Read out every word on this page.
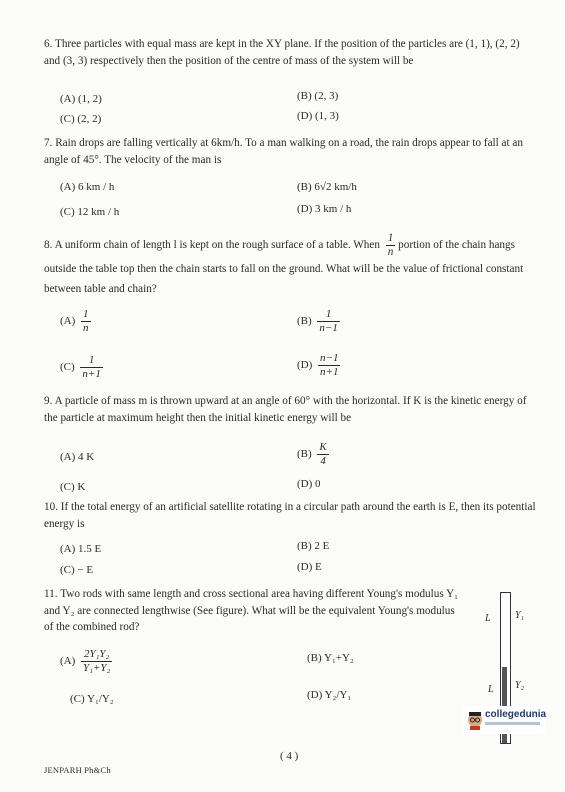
6. Three particles with equal mass are kept in the XY plane. If the position of the particles are (1, 1), (2, 2) and (3, 3) respectively then the position of the centre of mass of the system will be
(A) (1, 2)	(B) (2, 3)
(C) (2, 2)	(D) (1, 3)
7. Rain drops are falling vertically at 6km/h. To a man walking on a road, the rain drops appear to fall at an angle of 45°. The velocity of the man is
(A) 6 km / h	(B) 6√2 km/h
(C) 12 km / h	(D) 3 km / h
8. A uniform chain of length l is kept on the rough surface of a table. When $\frac{1}{n}$ portion of the chain hangs outside the table top then the chain starts to fall on the ground. What will be the value of frictional constant between table and chain?
$(A) \frac{1}{n}$	$(B) \frac{1}{n-1}$
$(C) \frac{1}{n+1}$	$(D) \frac{n-1}{n+1}$
9. A particle of mass m is thrown upward at an angle of 60° with the horizontal. If K is the kinetic energy of the particle at maximum height then the initial kinetic energy will be
(A) 4 K	$(B) \frac{K}{4}$
(C) K	(D) 0
10. If the total energy of an artificial satellite rotating in a circular path around the earth is E, then its potential energy is
(A) 1.5 E	(B) 2 E
(C) − E	(D) E
11. Two rods with same length and cross sectional area having different Young's modulus Y₁ and Y₂ are connected lengthwise (See figure). What will be the equivalent Young's modulus of the combined rod?
$(A) \frac{\text{2Y₁Y₂}}{\text{Y₁+Y₂}}$	(B) Y₁+Y₂
(C) Y₁/Y₂	(D) Y₂/Y₁
L Y₁
L Y₂
collegedunia
JENPARH Ph&Ch
( 4 )
